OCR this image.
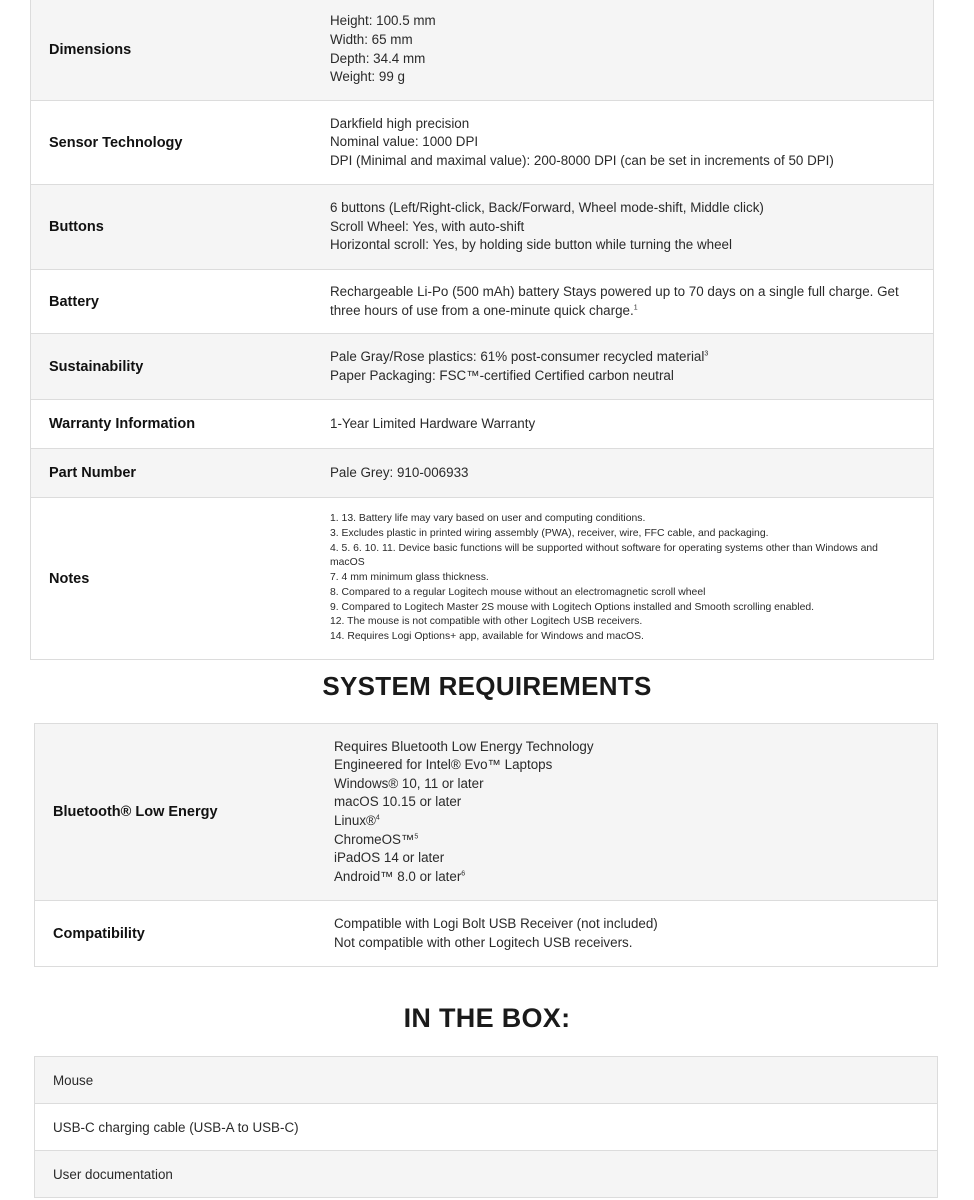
Dimensions
Height: 100.5 mm
Width: 65 mm
Depth: 34.4 mm
Weight: 99 g
Sensor Technology
Darkfield high precision
Nominal value: 1000 DPI
DPI (Minimal and maximal value): 200-8000 DPI (can be set in increments of 50 DPI)
Buttons
6 buttons (Left/Right-click, Back/Forward, Wheel mode-shift, Middle click)
Scroll Wheel: Yes, with auto-shift
Horizontal scroll: Yes, by holding side button while turning the wheel
Battery
Rechargeable Li-Po (500 mAh) battery Stays powered up to 70 days on a single full charge. Get three hours of use from a one-minute quick charge.$^1$
Sustainability
Pale Gray/Rose plastics: 61% post-consumer recycled material$^3$
Paper Packaging: FSC™-certified Certified carbon neutral
Warranty Information	1-Year Limited Hardware Warranty
Part Number	Pale Grey: 910-006933
Notes
1. 13. Battery life may vary based on user and computing conditions.
3. Excludes plastic in printed wiring assembly (PWA), receiver, wire, FFC cable, and packaging.
4. 5. 6. 10. 11. Device basic functions will be supported without software for operating systems other than Windows and macOS
7. 4 mm minimum glass thickness.
8. Compared to a regular Logitech mouse without an electromagnetic scroll wheel
9. Compared to Logitech Master 2S mouse with Logitech Options installed and Smooth scrolling enabled.
12. The mouse is not compatible with other Logitech USB receivers.
14. Requires Logi Options+ app, available for Windows and macOS.
SYSTEM REQUIREMENTS
Bluetooth® Low Energy
Requires Bluetooth Low Energy Technology
Engineered for Intel® Evo™ Laptops
Windows® 10, 11 or later
macOS 10.15 or later
Linux®$^4$
ChromeOS™$^5$
iPadOS 14 or later
Android™ 8.0 or later$^6$
Compatibility
Compatible with Logi Bolt USB Receiver (not included)
Not compatible with other Logitech USB receivers.
IN THE BOX:
Mouse
USB-C charging cable (USB-A to USB-C)
User documentation
